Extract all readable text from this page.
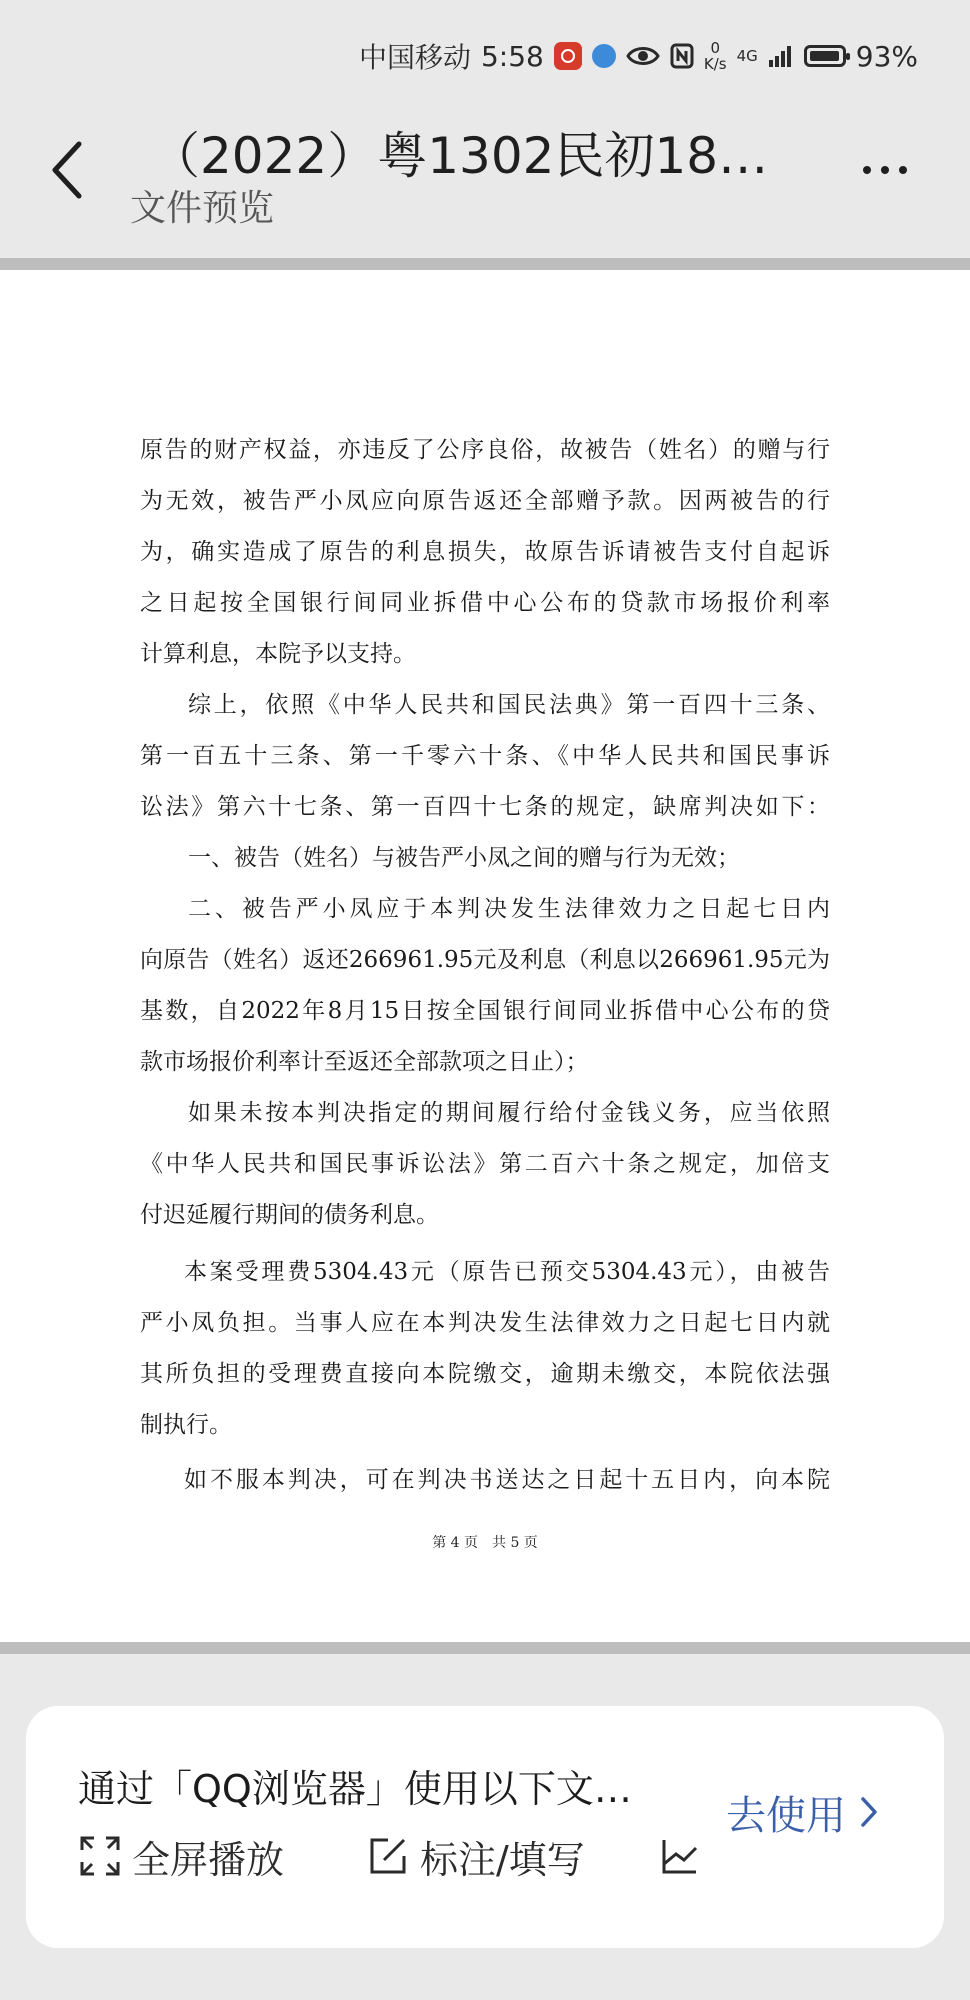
中国移动 5:58	0
K/s 4G	93%
（2022）粤1302民初18…
文件预览
原告的财产权益，亦违反了公序良俗，故被告（姓名）的赠与行
为无效，被告严小凤应向原告返还全部赠予款。因两被告的行
为，确实造成了原告的利息损失，故原告诉请被告支付自起诉
之日起按全国银行间同业拆借中心公布的贷款市场报价利率
计算利息，本院予以支持。
综上，依照《中华人民共和国民法典》第一百四十三条、
第一百五十三条、第一千零六十条、《中华人民共和国民事诉
讼法》第六十七条、第一百四十七条的规定，缺席判决如下：
一、被告（姓名）与被告严小凤之间的赠与行为无效；
二、被告严小凤应于本判决发生法律效力之日起七日内
向原告（姓名）返还266961.95元及利息（利息以266961.95元为
基数，自2022年8月15日按全国银行间同业拆借中心公布的贷
款市场报价利率计至返还全部款项之日止）；
如果未按本判决指定的期间履行给付金钱义务，应当依照
《中华人民共和国民事诉讼法》第二百六十条之规定，加倍支
付迟延履行期间的债务利息。
本案受理费5304.43元（原告已预交5304.43元），由被告
严小凤负担。当事人应在本判决发生法律效力之日起七日内就
其所负担的受理费直接向本院缴交，逾期未缴交，本院依法强
制执行。
如不服本判决，可在判决书送达之日起十五日内，向本院
第 4 页　共 5 页
通过「QQ浏览器」使用以下文…
全屏播放	标注/填写
去使用
